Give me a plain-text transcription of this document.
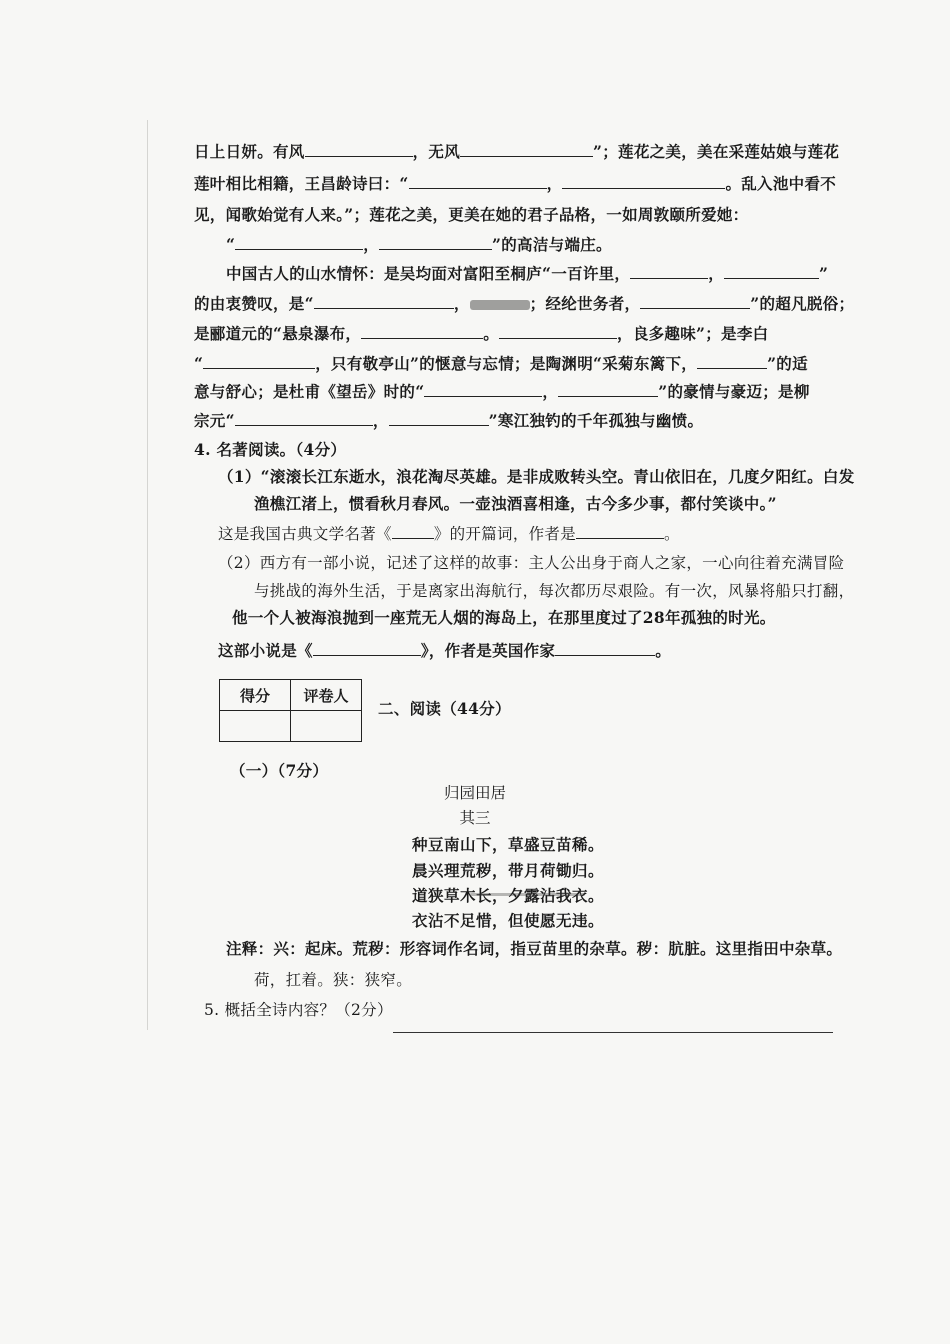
日上日妍。有风	，无风	”；莲花之美，美在采莲姑娘与莲花
莲叶相比相籍，王昌龄诗曰：“	，	。乱入池中看不
见，闻歌始觉有人来。”；莲花之美，更美在她的君子品格，一如周敦颐所爱她：
“	，	”的高洁与端庄。
中国古人的山水情怀：是吴均面对富阳至桐庐“一百许里，	，	”
的由衷赞叹，是“	，	；经纶世务者，	”的超凡脱俗；
是郦道元的“悬泉瀑布，	。	，良多趣味”；是李白
“	，只有敬亭山”的惬意与忘情；是陶渊明“采菊东篱下，	”的适
意与舒心；是杜甫《望岳》时的“	，	”的豪情与豪迈；是柳
宗元“	，	”寒江独钓的千年孤独与幽愤。
4. 名著阅读。（4分）
（1）“滚滚长江东逝水，浪花淘尽英雄。是非成败转头空。青山依旧在，几度夕阳红。白发
渔樵江渚上，惯看秋月春风。一壶浊酒喜相逢，古今多少事，都付笑谈中。”
这是我国古典文学名著《	》的开篇词，作者是	。
（2）西方有一部小说，记述了这样的故事：主人公出身于商人之家，一心向往着充满冒险
与挑战的海外生活，于是离家出海航行，每次都历尽艰险。有一次，风暴将船只打翻，
他一个人被海浪抛到一座荒无人烟的海岛上，在那里度过了28年孤独的时光。
这部小说是《	》，作者是英国作家	。
得分	评卷人

二、阅读（44分）
（一）（7分）
归园田居
其三
种豆南山下，草盛豆苗稀。
晨兴理荒秽，带月荷锄归。
道狭草木长，夕露沾我衣。
衣沾不足惜，但使愿无违。
注释：兴：起床。荒秽：形容词作名词，指豆苗里的杂草。秽：肮脏。这里指田中杂草。
荷，扛着。狭：狭窄。
5. 概括全诗内容？（2分）
